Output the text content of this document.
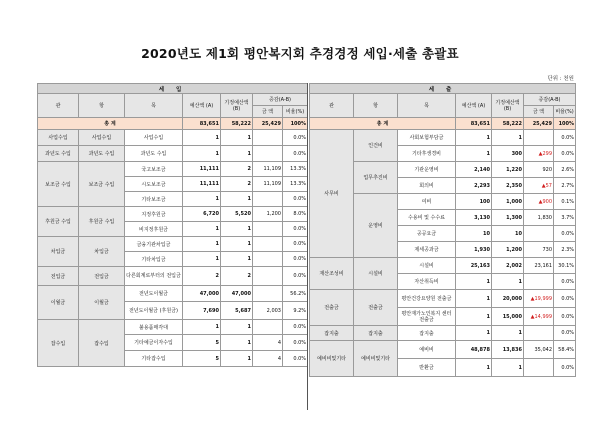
2020년도 제1회 평안복지회 추경경정 세입·세출 총괄표
단위 : 천원
세 입						
관	항	목	예산액 (A)	기정예산액 (B)	증감(A-B)	
					금 액	비율(%)
총 계			83,651	58,222	25,429	100%
사업수입	사업수입	사업수입	1	1		0.0%
과년도 수입	과년도 수입	과년도 수입	1	1		0.0%
보조금 수입	보조금 수입	국고보조금	11,111	2	11,109	13.3%
		시도보조금	11,111	2	11,109	13.3%
		기타보조금	1	1		0.0%
후원금 수입	후원금 수입	지정후원금	6,720	5,520	1,200	8.0%
		비지정후원금	1	1		0.0%
차입금	차입금	금융기관차입금	1	1		0.0%
		기타차입금	1	1		0.0%
전입금	전입금	다른회계로부터의 전입금	2	2		0.0%
이월금	이월금	전년도이월금	47,000	47,000		56.2%
		전년도이월금 (후원금)	7,690	5,687	2,003	9.2%
잡수입	잡수입	불용품매각대	1	1		0.0%
		기타예금이자수입	5	1	4	0.0%
		기타잡수입	5	1	4	0.0%
세 출						
관	항	목	예산액 (A)	기정예산액 (B)	증감(A-B)	
					금 액	비율(%)
총 계			83,651	58,222	25,429	100%
사무비	인건비	사회보험부담금	1	1		0.0%
		기타후생경비	1	300	▲299	0.0%
	업무추진비	기관운영비	2,140	1,220	920	2.6%
		회의비	2,293	2,350	▲57	2.7%
	운영비	여비	100	1,000	▲900	0.1%
		수용비 및 수수료	3,130	1,300	1,830	3.7%
		공공요금	10	10		0.0%
		제세공과금	1,930	1,200	730	2.3%
재산조성비	시설비	시설비	25,163	2,002	23,161	30.1%
		자산취득비	1	1		0.0%
전출금	전출금	평안건강요양원 전출금	1	20,000	▲19,999	0.0%
		평안재가노인복지 센터 전출금	1	15,000	▲14,999	0.0%
잡지출	잡지출	잡지출	1	1		0.0%
예비비및기타	예비비및기타	예비비	48,878	13,836	35,042	58.4%
		반환금	1	1		0.0%
